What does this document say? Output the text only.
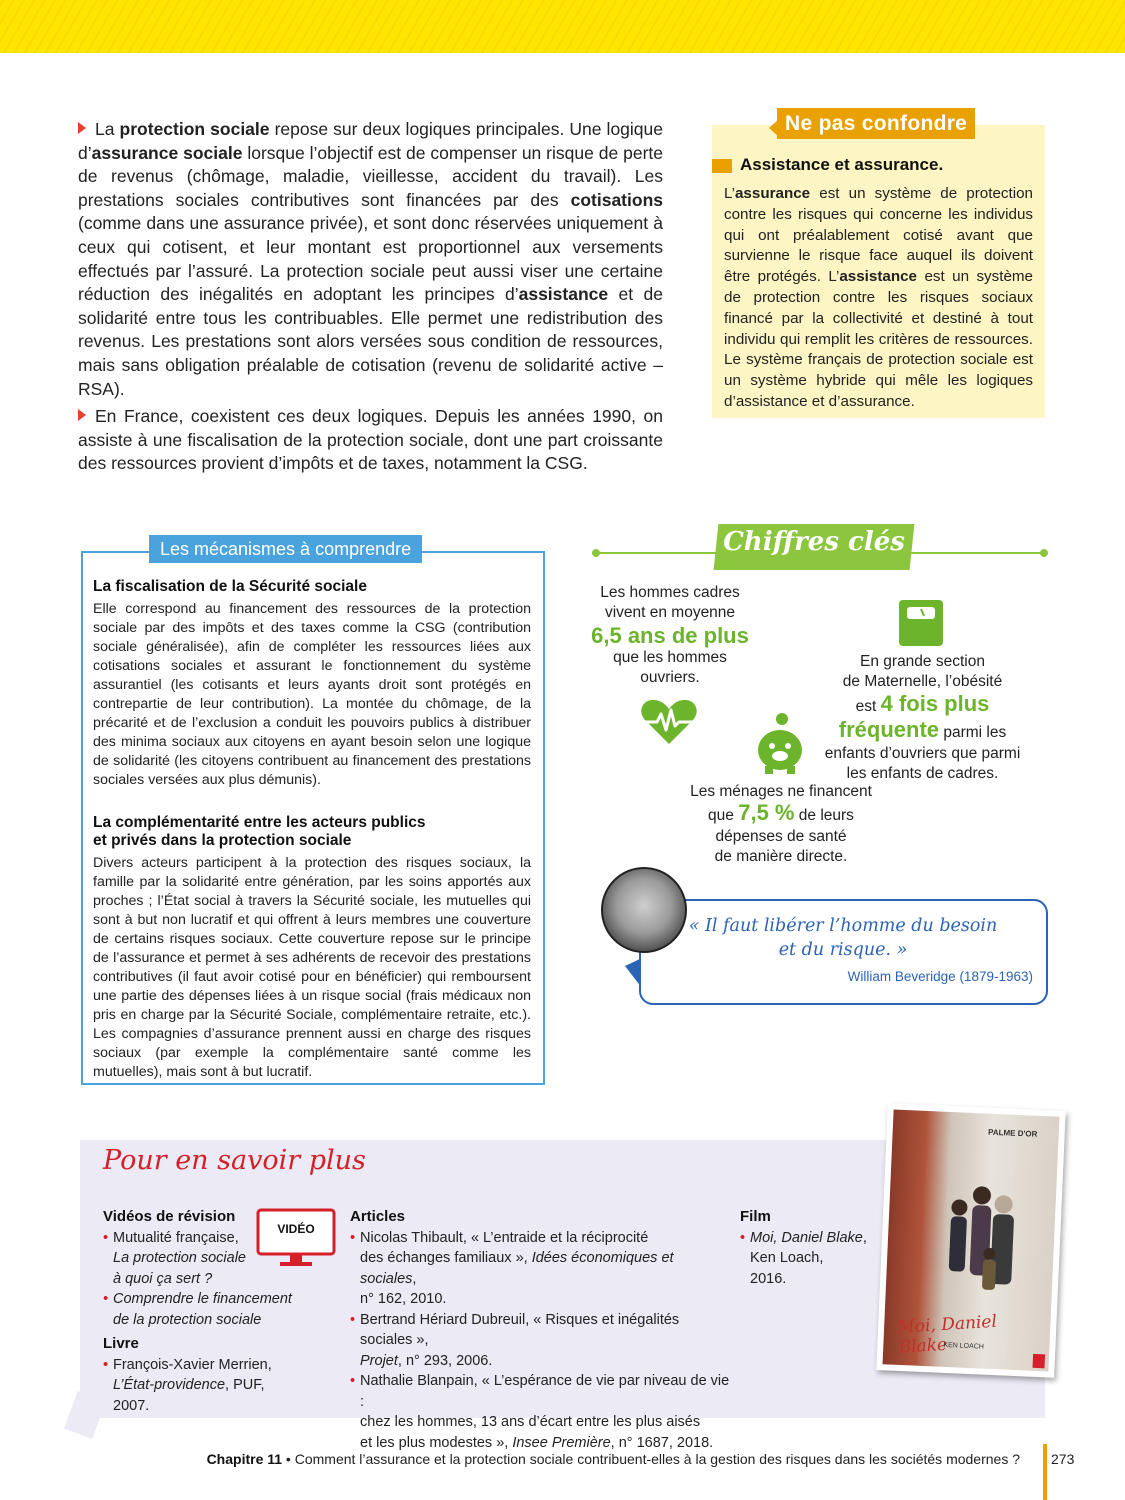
La protection sociale repose sur deux logiques principales. Une logique d’assurance sociale lorsque l’objectif est de compenser un risque de perte de revenus (chômage, maladie, vieillesse, accident du travail). Les prestations sociales contributives sont financées par des cotisations (comme dans une assurance privée), et sont donc réservées uniquement à ceux qui cotisent, et leur montant est proportionnel aux versements effectués par l’assuré. La protection sociale peut aussi viser une certaine réduction des inégalités en adoptant les principes d’assistance et de solidarité entre tous les contribuables. Elle permet une redistribution des revenus. Les prestations sont alors versées sous condition de ressources, mais sans obligation préalable de cotisation (revenu de solidarité active – RSA).

En France, coexistent ces deux logiques. Depuis les années 1990, on assiste à une fiscalisation de la protection sociale, dont une part croissante des ressources provient d’impôts et de taxes, notamment la CSG.

Ne pas confondre
Assistance et assurance.
L’assurance est un système de protection contre les risques qui concerne les individus qui ont préalablement cotisé avant que survienne le risque face auquel ils doivent être protégés. L’assistance est un système de protection contre les risques sociaux financé par la collectivité et destiné à tout individu qui remplit les critères de ressources. Le système français de protection sociale est un système hybride qui mêle les logiques d’assistance et d’assurance.
Les mécanismes à comprendre
La fiscalisation de la Sécurité sociale

Elle correspond au financement des ressources de la protection sociale par des impôts et des taxes comme la CSG (contribution sociale généralisée), afin de compléter les ressources liées aux cotisations sociales et assurant le fonctionnement du système assurantiel (les cotisants et leurs ayants droit sont protégés en contrepartie de leur contribution). La montée du chômage, de la précarité et de l’exclusion a conduit les pouvoirs publics à distribuer des minima sociaux aux citoyens en ayant besoin selon une logique de solidarité (les citoyens contribuent au financement des prestations sociales versées aux plus démunis).

La complémentarité entre les acteurs publics
et privés dans la protection sociale

Divers acteurs participent à la protection des risques sociaux, la famille par la solidarité entre génération, par les soins apportés aux proches ; l’État social à travers la Sécurité sociale, les mutuelles qui sont à but non lucratif et qui offrent à leurs membres une couverture de certains risques sociaux. Cette couverture repose sur le principe de l’assurance et permet à ses adhérents de recevoir des prestations contributives (il faut avoir cotisé pour en bénéficier) qui remboursent une partie des dépenses liées à un risque social (frais médicaux non pris en charge par la Sécurité Sociale, complémentaire retraite, etc.). Les compagnies d’assurance prennent aussi en charge des risques sociaux (par exemple la complémentaire santé comme les mutuelles), mais sont à but lucratif.

Chiffres clés
Les hommes cadres
vivent en moyenne
6,5 ans de plus
que les hommes
ouvriers.
En grande section
de Maternelle, l’obésité
est 4 fois plus
fréquente parmi les
enfants d’ouvriers que parmi
les enfants de cadres.
Les ménages ne financent
que 7,5 % de leurs
dépenses de santé
de manière directe.
« Il faut libérer l’homme du besoin
et du risque. »
William Beveridge (1879-1963)
Pour en savoir plus
Vidéos de révision
• Mutualité française,
La protection sociale
à quoi ça sert ?
• Comprendre le financement
de la protection sociale
Livre
• François-Xavier Merrien,
L’État-providence, PUF, 2007.
VIDÉO
Articles
• Nicolas Thibault, « L’entraide et la réciprocité
des échanges familiaux », Idées économiques et sociales,
n° 162, 2010.
• Bertrand Hériard Dubreuil, « Risques et inégalités sociales »,
Projet, n° 293, 2006.
• Nathalie Blanpain, « L’espérance de vie par niveau de vie :
chez les hommes, 13 ans d’écart entre les plus aisés
et les plus modestes », Insee Première, n° 1687, 2018.
Film
• Moi, Daniel Blake,
Ken Loach,
2016.
PALME D'OR
Moi, Daniel Blake
KEN LOACH
Chapitre 11 • Comment l’assurance et la protection sociale contribuent-elles à la gestion des risques dans les sociétés modernes ? 273
